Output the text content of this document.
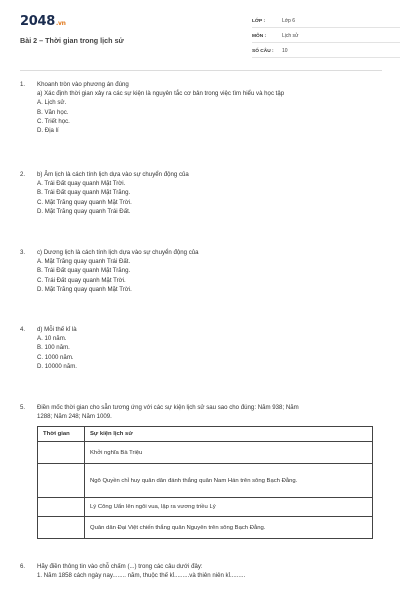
2048.vn
Bài 2 – Thời gian trong lịch sử
LỚP :	Lớp 6
MÔN :	Lịch sử
SỐ CÂU :	10
1.	Khoanh tròn vào phương án đúng
a) Xác định thời gian xảy ra các sự kiện là nguyên tắc cơ bản trong việc tìm hiểu và học tập
A. Lịch sử.
B. Văn học.
C. Triết học.
D. Địa lí
2.	b) Âm lịch là cách tính lịch dựa vào sự chuyển động của
A. Trái Đất quay quanh Mặt Trời.
B. Trái Đất quay quanh Mặt Trăng.
C. Mặt Trăng quay quanh Mặt Trời.
D. Mặt Trăng quay quanh Trái Đất.
3.	c) Dương lịch là cách tính lịch dựa vào sự chuyển động của
A. Mặt Trăng quay quanh Trái Đất.
B. Trái Đất quay quanh Mặt Trăng.
C. Trái Đất quay quanh Mặt Trời.
D. Mặt Trăng quay quanh Mặt Trời.
4.	d) Mỗi thế kỉ là
A. 10 năm.
B. 100 năm.
C. 1000 năm.
D. 10000 năm.
5.	Điền mốc thời gian cho sẵn tương ứng với các sự kiện lịch sử sau sao cho đúng: Năm 938; Năm
1288; Năm 248; Năm 1009.
Thời gian	Sự kiện lịch sử
	Khởi nghĩa Bà Triệu
	Ngô Quyền chỉ huy quân dân đánh thắng quân Nam Hán trên sông Bạch Đằng.
	Lý Công Uẩn lên ngôi vua, lập ra vương triều Lý
	Quân dân Đại Việt chiến thắng quân Nguyên trên sông Bạch Đằng.
6.	Hãy điền thông tin vào chỗ chấm (...) trong các câu dưới đây:
1. Năm 1858 cách ngày nay........ năm, thuộc thế kỉ.........và thiên niên kỉ.........
